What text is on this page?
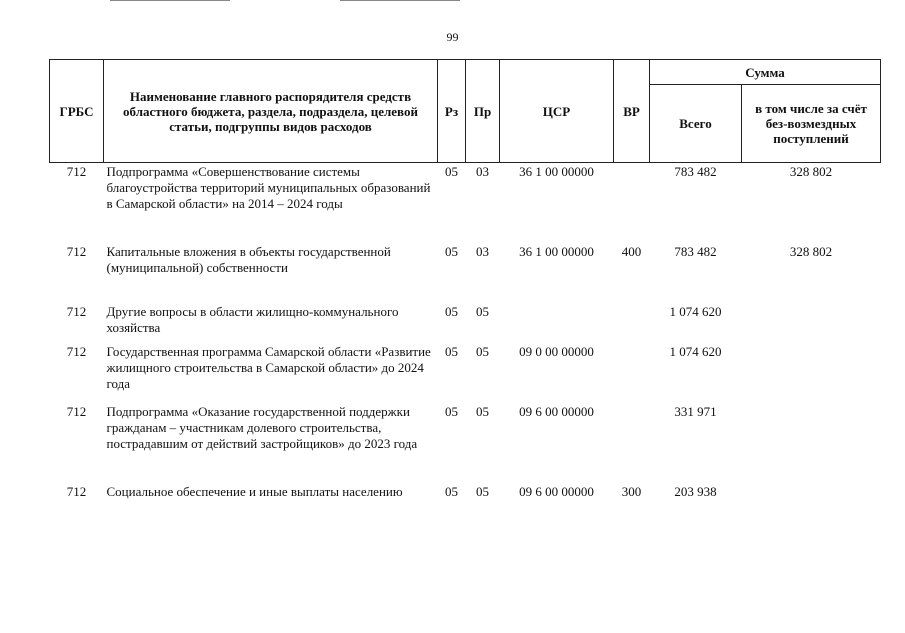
99
ГРБС	Наименование главного распорядителя средств областного бюджета, раздела, подраздела, целевой статьи, подгруппы видов расходов	Рз	Пр	ЦСР	ВР	Сумма	
						Всего	в том числе за счёт без-возмездных поступлений
712	Подпрограмма «Совершенствование системы благоустройства территорий муниципальных образований в Самарской области» на 2014 – 2024 годы	05	03	36 1 00 00000		783 482	328 802
712	Капитальные вложения в объекты государственной (муниципальной) собственности	05	03	36 1 00 00000	400	783 482	328 802
712	Другие вопросы в области жилищно-коммунального хозяйства	05	05			1 074 620	
712	Государственная программа Самарской области «Развитие жилищного строительства в Самарской области» до 2024 года	05	05	09 0 00 00000		1 074 620	
712	Подпрограмма «Оказание государственной поддержки гражданам – участникам долевого строительства, пострадавшим от действий застройщиков» до 2023 года	05	05	09 6 00 00000		331 971	
712	Социальное обеспечение и иные выплаты населению	05	05	09 6 00 00000	300	203 938	
